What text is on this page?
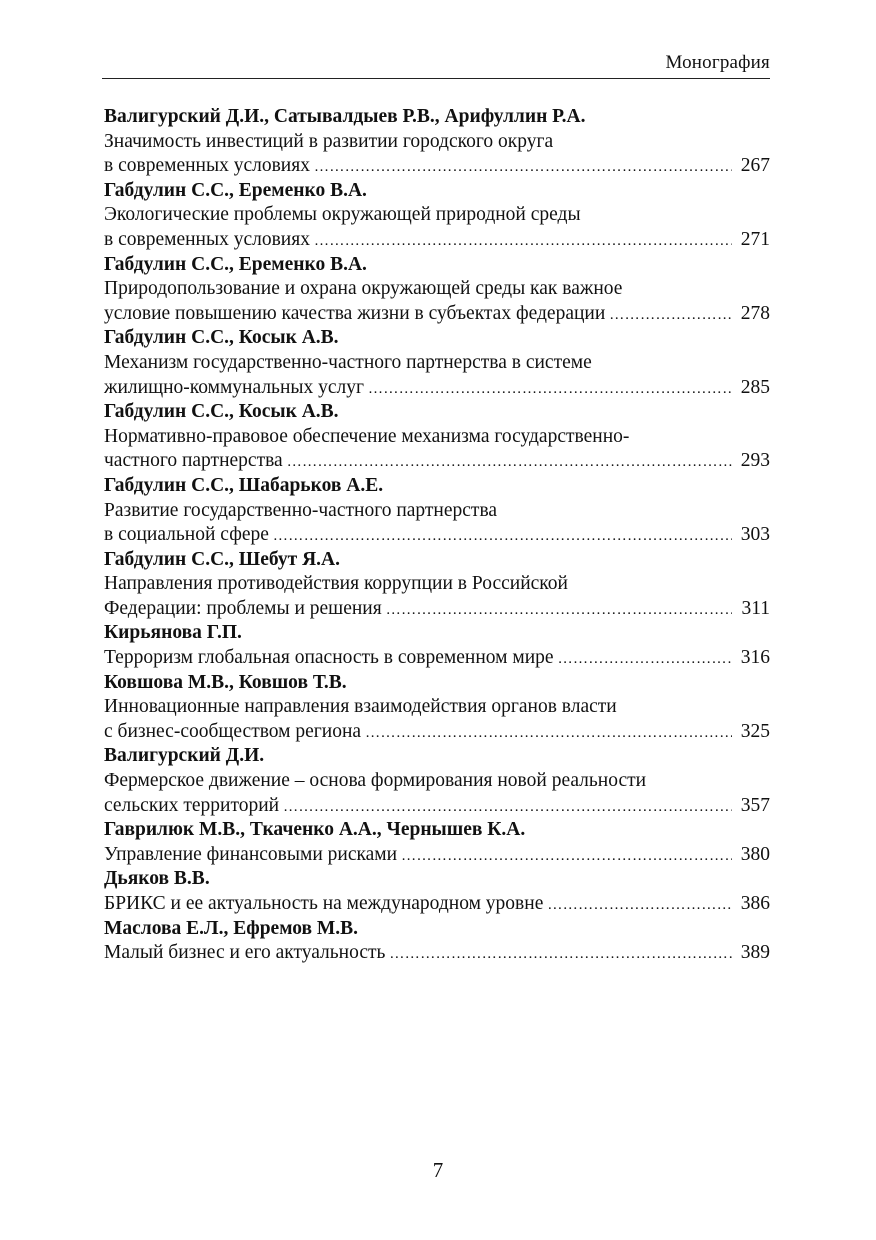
Монография
Валигурский Д.И., Сатывалдыев Р.В., Арифуллин Р.А.
Значимость инвестиций в развитии городского округа
в современных условиях ……………………………………………………………………………………………………………………………………	267
Габдулин С.С., Еременко В.А.
Экологические проблемы окружающей природной среды
в современных условиях ……………………………………………………………………………………………………………………………………	271
Габдулин С.С., Еременко В.А.
Природопользование и охрана окружающей среды как важное
условие повышению качества жизни в субъектах федерации ……………………………………………………………………………………………………………………………………	278
Габдулин С.С., Косык А.В.
Механизм государственно-частного партнерства в системе
жилищно-коммунальных услуг ……………………………………………………………………………………………………………………………………	285
Габдулин С.С., Косык А.В.
Нормативно-правовое обеспечение механизма государственно-
частного партнерства ……………………………………………………………………………………………………………………………………	293
Габдулин С.С., Шабарьков А.Е.
Развитие государственно-частного партнерства
в социальной сфере ……………………………………………………………………………………………………………………………………	303
Габдулин С.С., Шебут Я.А.
Направления противодействия коррупции в Российской
Федерации: проблемы и решения ……………………………………………………………………………………………………………………………………	311
Кирьянова Г.П.
Терроризм глобальная опасность в современном мире ……………………………………………………………………………………………………………………………………	316
Ковшова М.В., Ковшов Т.В.
Инновационные направления взаимодействия органов власти
с бизнес-сообществом региона ……………………………………………………………………………………………………………………………………	325
Валигурский Д.И.
Фермерское движение – основа формирования новой реальности
сельских территорий ……………………………………………………………………………………………………………………………………	357
Гаврилюк М.В., Ткаченко А.А., Чернышев К.А.
Управление финансовыми рисками ……………………………………………………………………………………………………………………………………	380
Дьяков В.В.
БРИКС и ее актуальность на международном уровне ……………………………………………………………………………………………………………………………………	386
Маслова Е.Л., Ефремов М.В.
Малый бизнес и его актуальность ……………………………………………………………………………………………………………………………………	389
7
